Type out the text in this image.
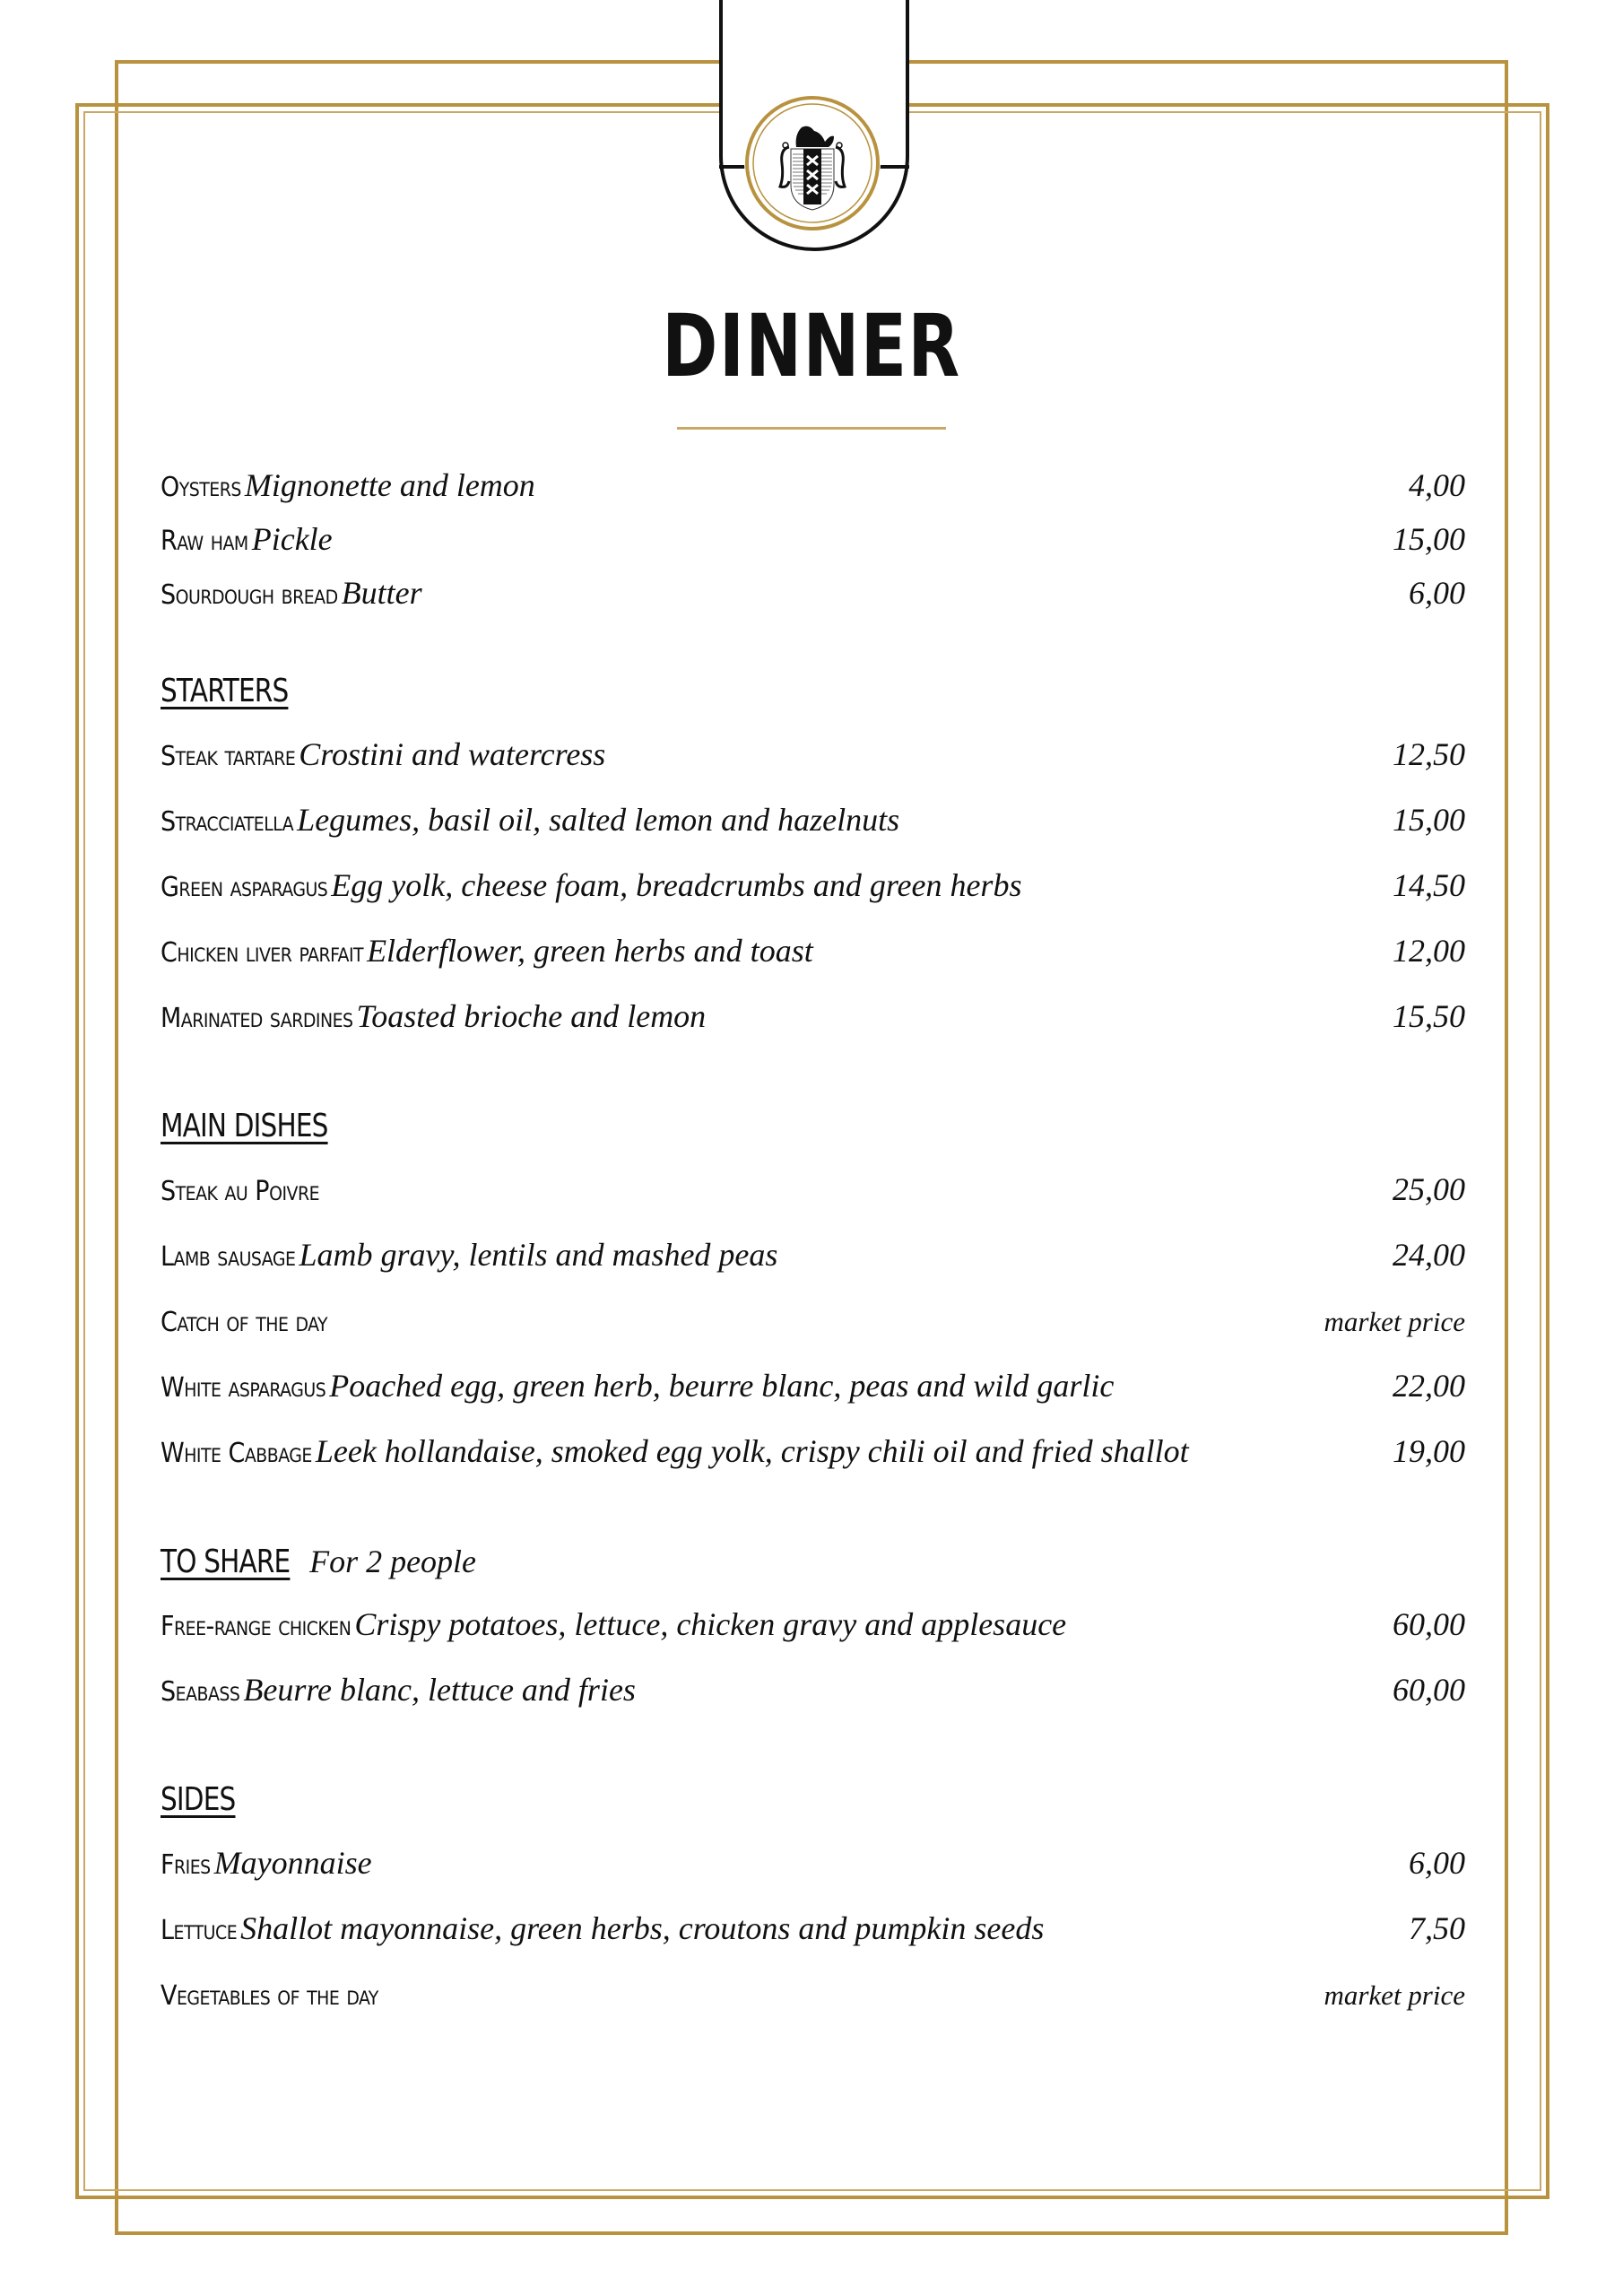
DINNER
Oysters Mignonette and lemon	4,00
Raw ham Pickle	15,00
Sourdough bread Butter	6,00
STARTERS
Steak tartare Crostini and watercress	12,50
Stracciatella Legumes, basil oil, salted lemon and hazelnuts	15,00
Green asparagus Egg yolk, cheese foam, breadcrumbs and green herbs	14,50
Chicken liver parfait Elderflower, green herbs and toast	12,00
Marinated sardines Toasted brioche and lemon	15,50
MAIN DISHES
Steak au Poivre	25,00
Lamb sausage Lamb gravy, lentils and mashed peas	24,00
Catch of the day	market price
White asparagus Poached egg, green herb, beurre blanc, peas and wild garlic	22,00
White Cabbage Leek hollandaise, smoked egg yolk, crispy chili oil and fried shallot	19,00
TO SHARE For 2 people
Free-range chicken Crispy potatoes, lettuce, chicken gravy and applesauce	60,00
Seabass Beurre blanc, lettuce and fries	60,00
SIDES
Fries Mayonnaise	6,00
Lettuce Shallot mayonnaise, green herbs, croutons and pumpkin seeds	7,50
Vegetables of the day	market price
